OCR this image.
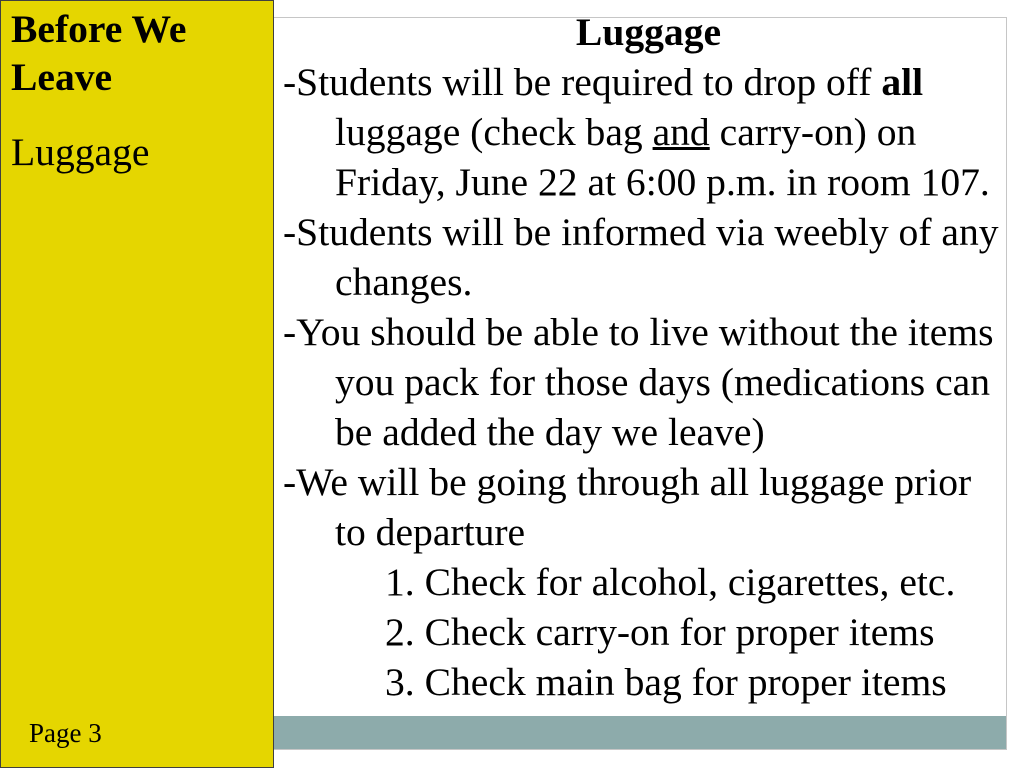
Before We Leave
Luggage
Page 3
Luggage
-Students will be required to drop off all
luggage (check bag and carry-on) on
Friday, June 22 at 6:00 p.m. in room 107.
-Students will be informed via weebly of any
changes.
-You should be able to live without the items
you pack for those days (medications can
be added the day we leave)
-We will be going through all luggage prior
to departure
1. Check for alcohol, cigarettes, etc.
2. Check carry-on for proper items
3. Check main bag for proper items
